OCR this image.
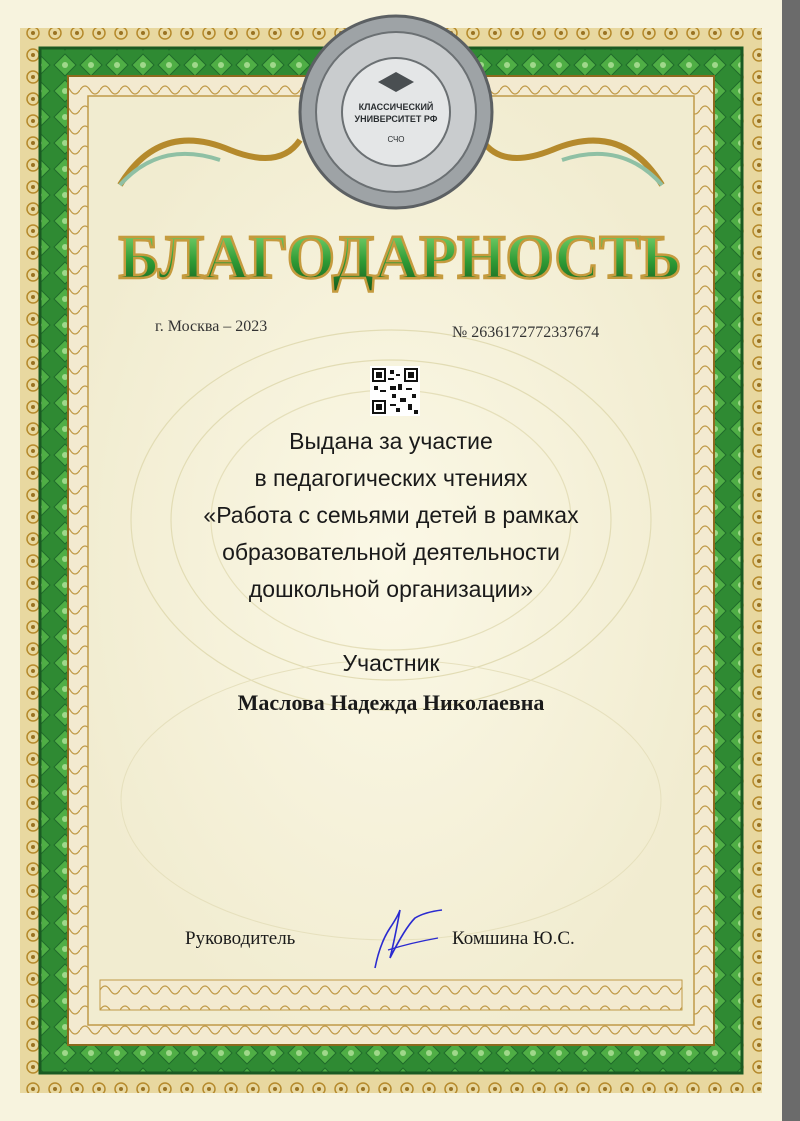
КЛАССИЧЕСКИЙ
УНИВЕРСИТЕТ РФ
СЧО
БЛАГОДАРНОСТЬ
г. Москва – 2023	№ 2636172772337674
Выдана за участие
в педагогических чтениях
«Работа с семьями детей в рамках
образовательной деятельности
дошкольной организации»
Участник
Маслова Надежда Николаевна
Руководитель	Комшина Ю.С.
